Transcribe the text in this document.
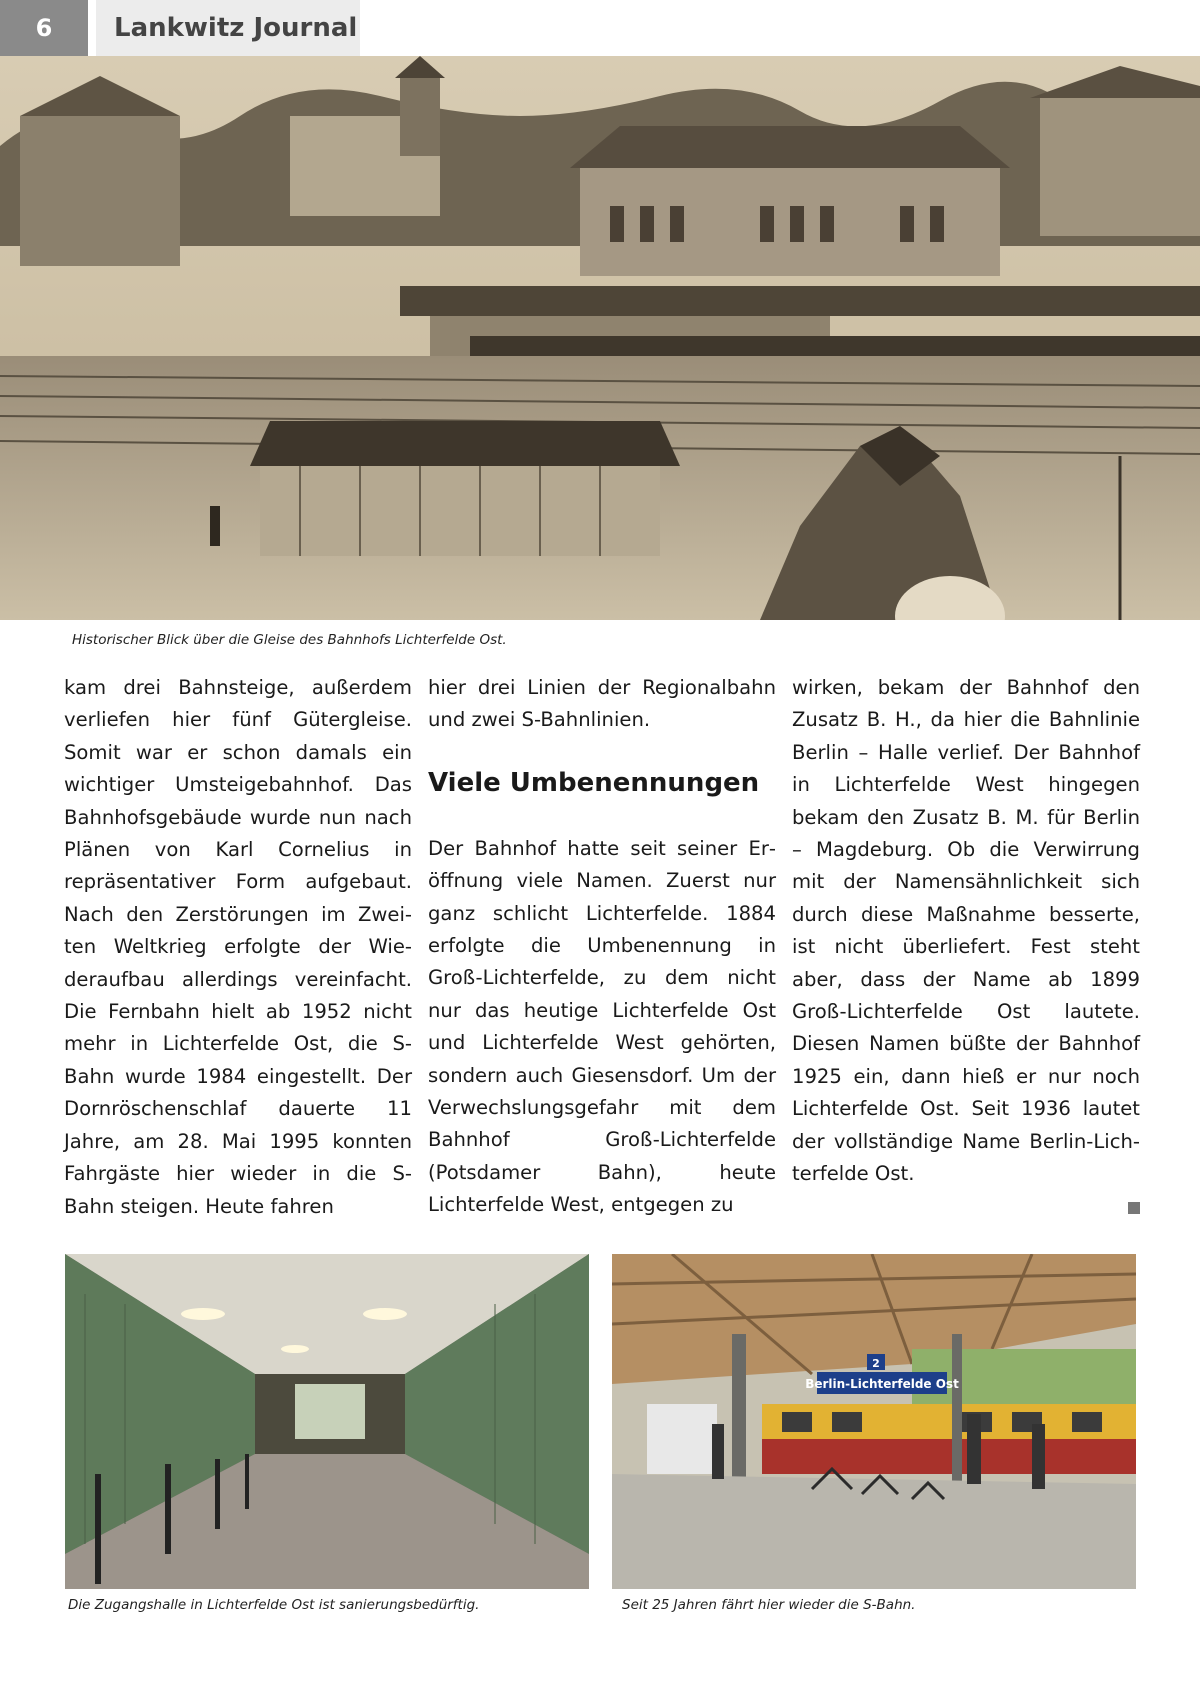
6	Lankwitz Journal
Historischer Blick über die Gleise des Bahnhofs Lichterfelde Ost.

kam drei Bahnsteige, außerdem verliefen hier fünf Gütergleise. Somit war er schon damals ein wichtiger Umsteigebahnhof. Das Bahnhofsgebäude wurde nun nach Plänen von Karl Cornelius in repräsentativer Form aufgebaut. Nach den Zerstörungen im Zweiten Weltkrieg erfolgte der Wiederaufbau allerdings vereinfacht. Die Fernbahn hielt ab 1952 nicht mehr in Lichterfelde Ost, die S-Bahn wurde 1984 eingestellt. Der Dornröschenschlaf dauerte 11 Jahre, am 28. Mai 1995 konnten Fahrgäste hier wieder in die S-Bahn steigen. Heute fahren

hier drei Linien der Regionalbahn und zwei S-Bahnlinien.

Viele Umbenennungen

Der Bahnhof hatte seit seiner Eröffnung viele Namen. Zuerst nur ganz schlicht Lichterfelde. 1884 erfolgte die Umbenennung in Groß-Lichterfelde, zu dem nicht nur das heutige Lichterfelde Ost und Lichterfelde West gehörten, sondern auch Giesensdorf. Um der Verwechslungsgefahr mit dem Bahnhof Groß-Lichterfelde (Potsdamer Bahn), heute Lichterfelde West, entgegen zu

wirken, bekam der Bahnhof den Zusatz B. H., da hier die Bahnlinie Berlin – Halle verlief. Der Bahnhof in Lichterfelde West hingegen bekam den Zusatz B. M. für Berlin – Magdeburg. Ob die Verwirrung mit der Namensähnlichkeit sich durch diese Maßnahme besserte, ist nicht überliefert. Fest steht aber, dass der Name ab 1899 Groß-Lichterfelde Ost lautete. Diesen Namen büßte der Bahnhof 1925 ein, dann hieß er nur noch Lichterfelde Ost. Seit 1936 lautet der vollständige Name Berlin-Lichterfelde Ost.

Die Zugangshalle in Lichterfelde Ost ist sanierungsbedürftig.
Berlin-Lichterfelde Ost
2
Seit 25 Jahren fährt hier wieder die S-Bahn.
